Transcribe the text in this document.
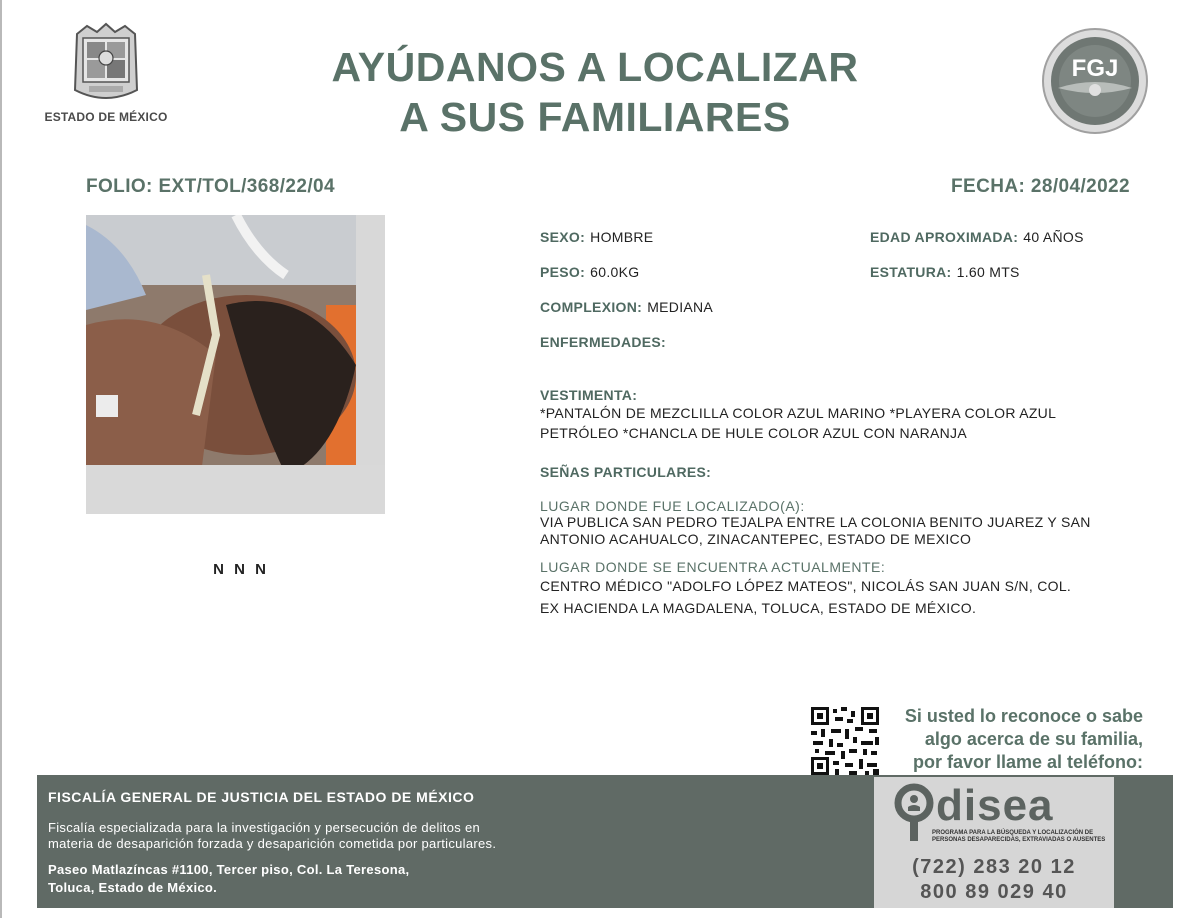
ESTADO DE MÉXICO
AYÚDANOS A LOCALIZAR
A SUS FAMILIARES
FGJ
FOLIO: EXT/TOL/368/22/04	FECHA: 28/04/2022
N N N
SEXO: HOMBRE	EDAD APROXIMADA: 40 AÑOS
PESO: 60.0KG	ESTATURA: 1.60 MTS
COMPLEXION: MEDIANA
ENFERMEDADES:
VESTIMENTA:
*PANTALÓN DE MEZCLILLA COLOR AZUL MARINO *PLAYERA COLOR AZUL
PETRÓLEO *CHANCLA DE HULE COLOR AZUL CON NARANJA
SEÑAS PARTICULARES:
LUGAR DONDE FUE LOCALIZADO(A):
VIA PUBLICA SAN PEDRO TEJALPA ENTRE LA COLONIA BENITO JUAREZ Y SAN
ANTONIO ACAHUALCO, ZINACANTEPEC, ESTADO DE MEXICO
LUGAR DONDE SE ENCUENTRA ACTUALMENTE:
CENTRO MÉDICO "ADOLFO LÓPEZ MATEOS", NICOLÁS SAN JUAN S/N, COL.
EX HACIENDA LA MAGDALENA, TOLUCA, ESTADO DE MÉXICO.
Si usted lo reconoce o sabe
algo acerca de su familia,
por favor llame al teléfono:
FISCALÍA GENERAL DE JUSTICIA DEL ESTADO DE MÉXICO
Fiscalía especializada para la investigación y persecución de delitos en
materia de desaparición forzada y desaparición cometida por particulares.
Paseo Matlazíncas #1100, Tercer piso, Col. La Teresona,
Toluca, Estado de México.
disea
PROGRAMA PARA LA BÚSQUEDA Y LOCALIZACIÓN DE PERSONAS DESAPARECIDAS, EXTRAVIADAS O AUSENTES
(722) 283 20 12
800 89 029 40
